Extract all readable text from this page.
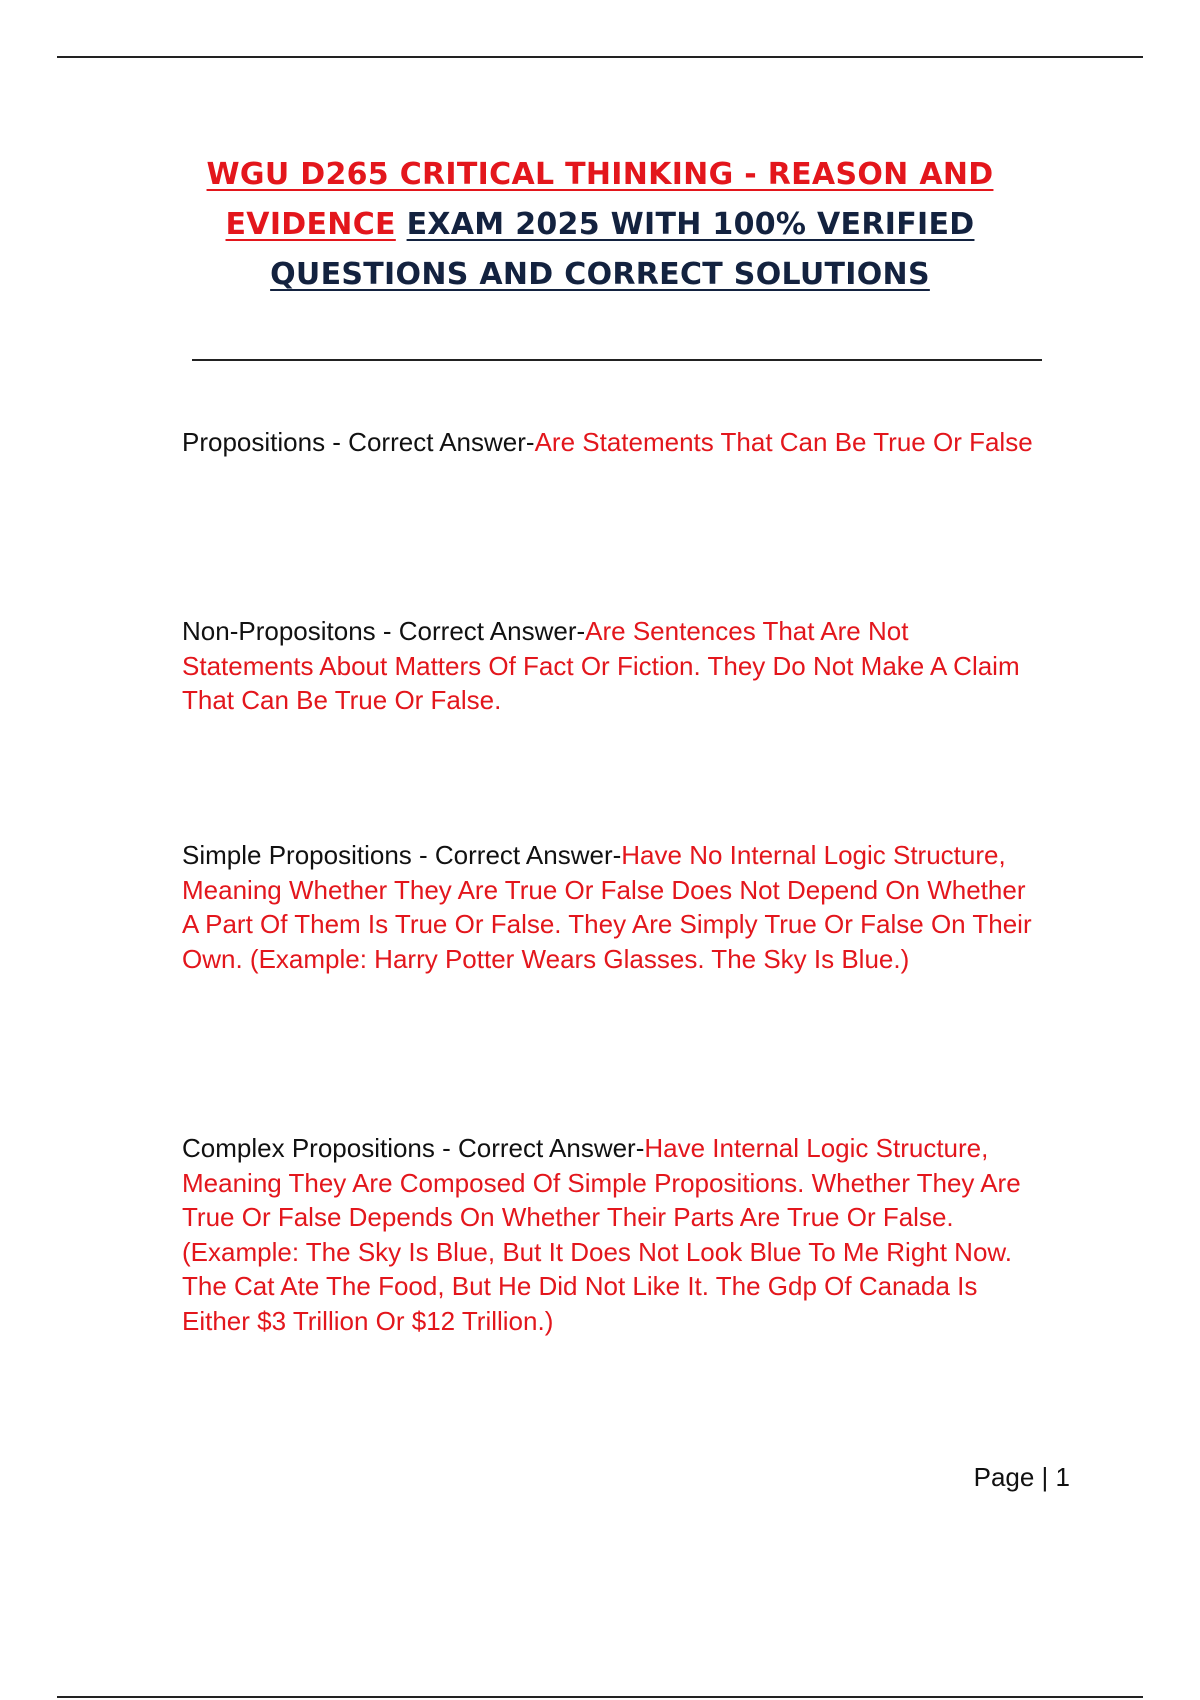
WGU D265 CRITICAL THINKING - REASON AND
EVIDENCE EXAM 2025 WITH 100% VERIFIED
QUESTIONS AND CORRECT SOLUTIONS

Propositions - Correct Answer-Are Statements That Can Be True Or False

Non-Propositons - Correct Answer-Are Sentences That Are Not Statements About Matters Of Fact Or Fiction. They Do Not Make A Claim That Can Be True Or False.

Simple Propositions - Correct Answer-Have No Internal Logic Structure, Meaning Whether They Are True Or False Does Not Depend On Whether A Part Of Them Is True Or False. They Are Simply True Or False On Their Own. (Example: Harry Potter Wears Glasses. The Sky Is Blue.)

Complex Propositions - Correct Answer-Have Internal Logic Structure, Meaning They Are Composed Of Simple Propositions. Whether They Are True Or False Depends On Whether Their Parts Are True Or False. (Example: The Sky Is Blue, But It Does Not Look Blue To Me Right Now. The Cat Ate The Food, But He Did Not Like It. The Gdp Of Canada Is Either $3 Trillion Or $12 Trillion.)

Page | 1
